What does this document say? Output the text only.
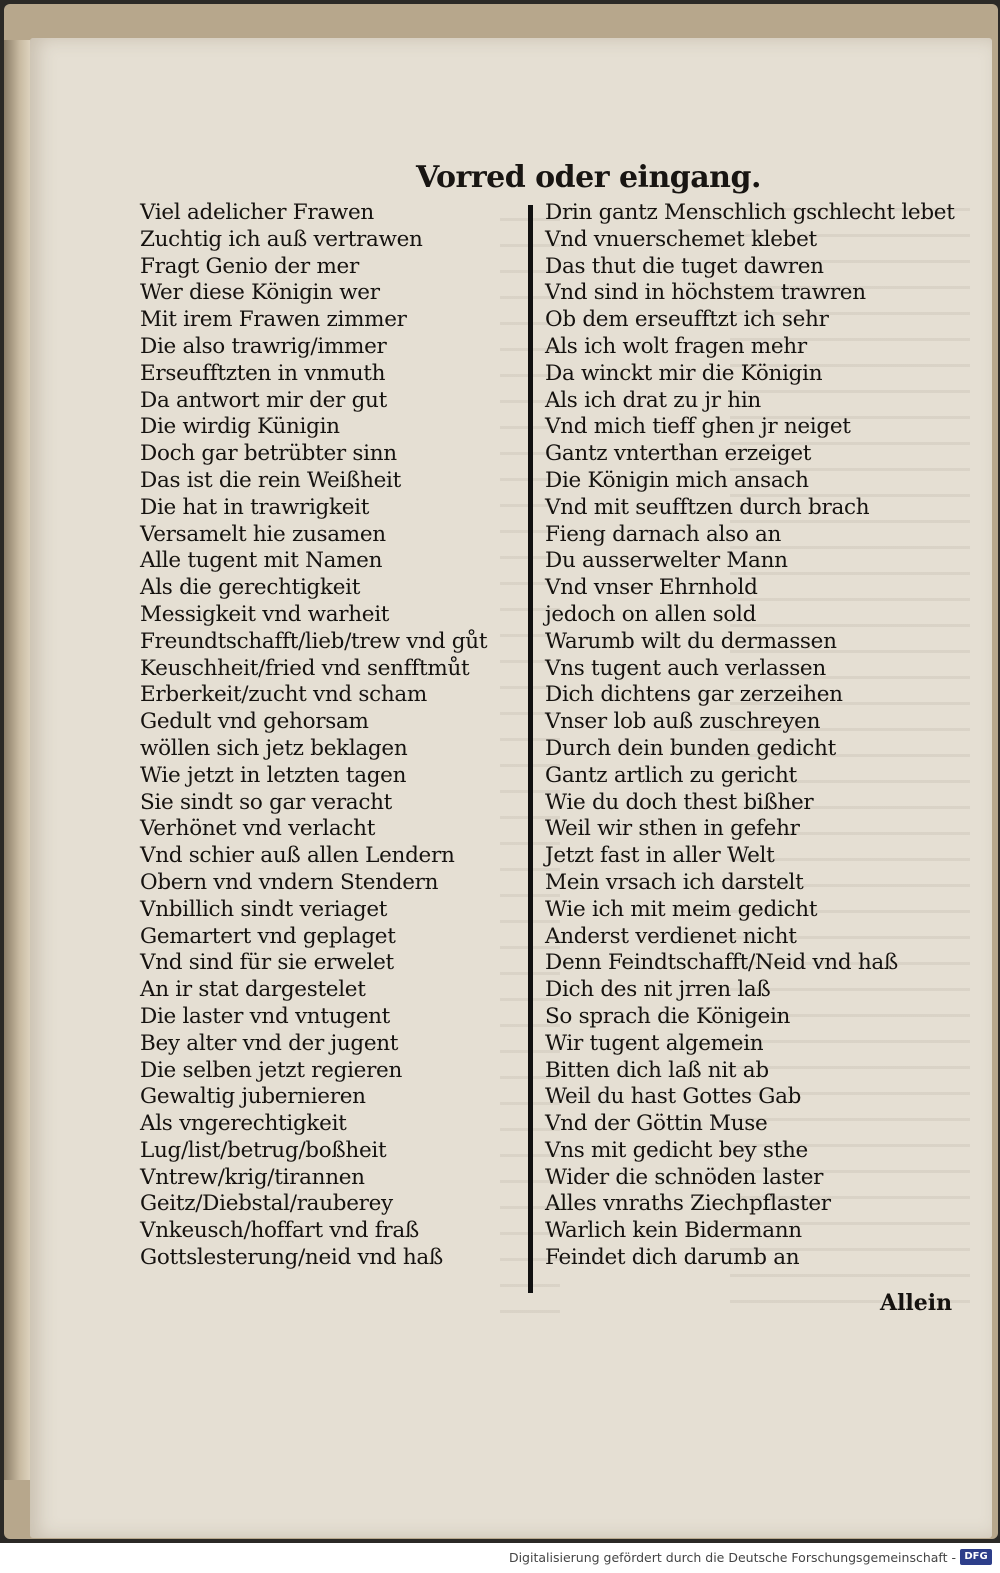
Vorred oder eingang.
Viel adelicher Frawen
Zuchtig ich auß vertrawen
Fragt Genio der mer
Wer diese Königin wer
Mit irem Frawen zimmer
Die also trawrig/immer
Erseufftzten in vnmuth
Da antwort mir der gut
Die wirdig Künigin
Doch gar betrübter sinn
Das ist die rein Weißheit
Die hat in trawrigkeit
Versamelt hie zusamen
Alle tugent mit Namen
Als die gerechtigkeit
Messigkeit vnd warheit
Freundtschafft/lieb/trew vnd gůt
Keuschheit/fried vnd senfftmůt
Erberkeit/zucht vnd scham
Gedult vnd gehorsam
wöllen sich jetz beklagen
Wie jetzt in letzten tagen
Sie sindt so gar veracht
Verhönet vnd verlacht
Vnd schier auß allen Lendern
Obern vnd vndern Stendern
Vnbillich sindt veriaget
Gemartert vnd geplaget
Vnd sind für sie erwelet
An ir stat dargestelet
Die laster vnd vntugent
Bey alter vnd der jugent
Die selben jetzt regieren
Gewaltig jubernieren
Als vngerechtigkeit
Lug/list/betrug/boßheit
Vntrew/krig/tirannen
Geitz/Diebstal/rauberey
Vnkeusch/hoffart vnd fraß
Gottslesterung/neid vnd haß
Drin gantz Menschlich gschlecht lebet
Vnd vnuerschemet klebet
Das thut die tuget dawren
Vnd sind in höchstem trawren
Ob dem erseufftzt ich sehr
Als ich wolt fragen mehr
Da winckt mir die Königin
Als ich drat zu jr hin
Vnd mich tieff ghen jr neiget
Gantz vnterthan erzeiget
Die Königin mich ansach
Vnd mit seufftzen durch brach
Fieng darnach also an
Du ausserwelter Mann
Vnd vnser Ehrnhold
jedoch on allen sold
Warumb wilt du dermassen
Vns tugent auch verlassen
Dich dichtens gar zerzeihen
Vnser lob auß zuschreyen
Durch dein bunden gedicht
Gantz artlich zu gericht
Wie du doch thest bißher
Weil wir sthen in gefehr
Jetzt fast in aller Welt
Mein vrsach ich darstelt
Wie ich mit meim gedicht
Anderst verdienet nicht
Denn Feindtschafft/Neid vnd haß
Dich des nit jrren laß
So sprach die Königein
Wir tugent algemein
Bitten dich laß nit ab
Weil du hast Gottes Gab
Vnd der Göttin Muse
Vns mit gedicht bey sthe
Wider die schnöden laster
Alles vnraths Ziechpflaster
Warlich kein Bidermann
Feindet dich darumb an
Allein
Digitalisierung gefördert durch die Deutsche Forschungsgemeinschaft - DFG
